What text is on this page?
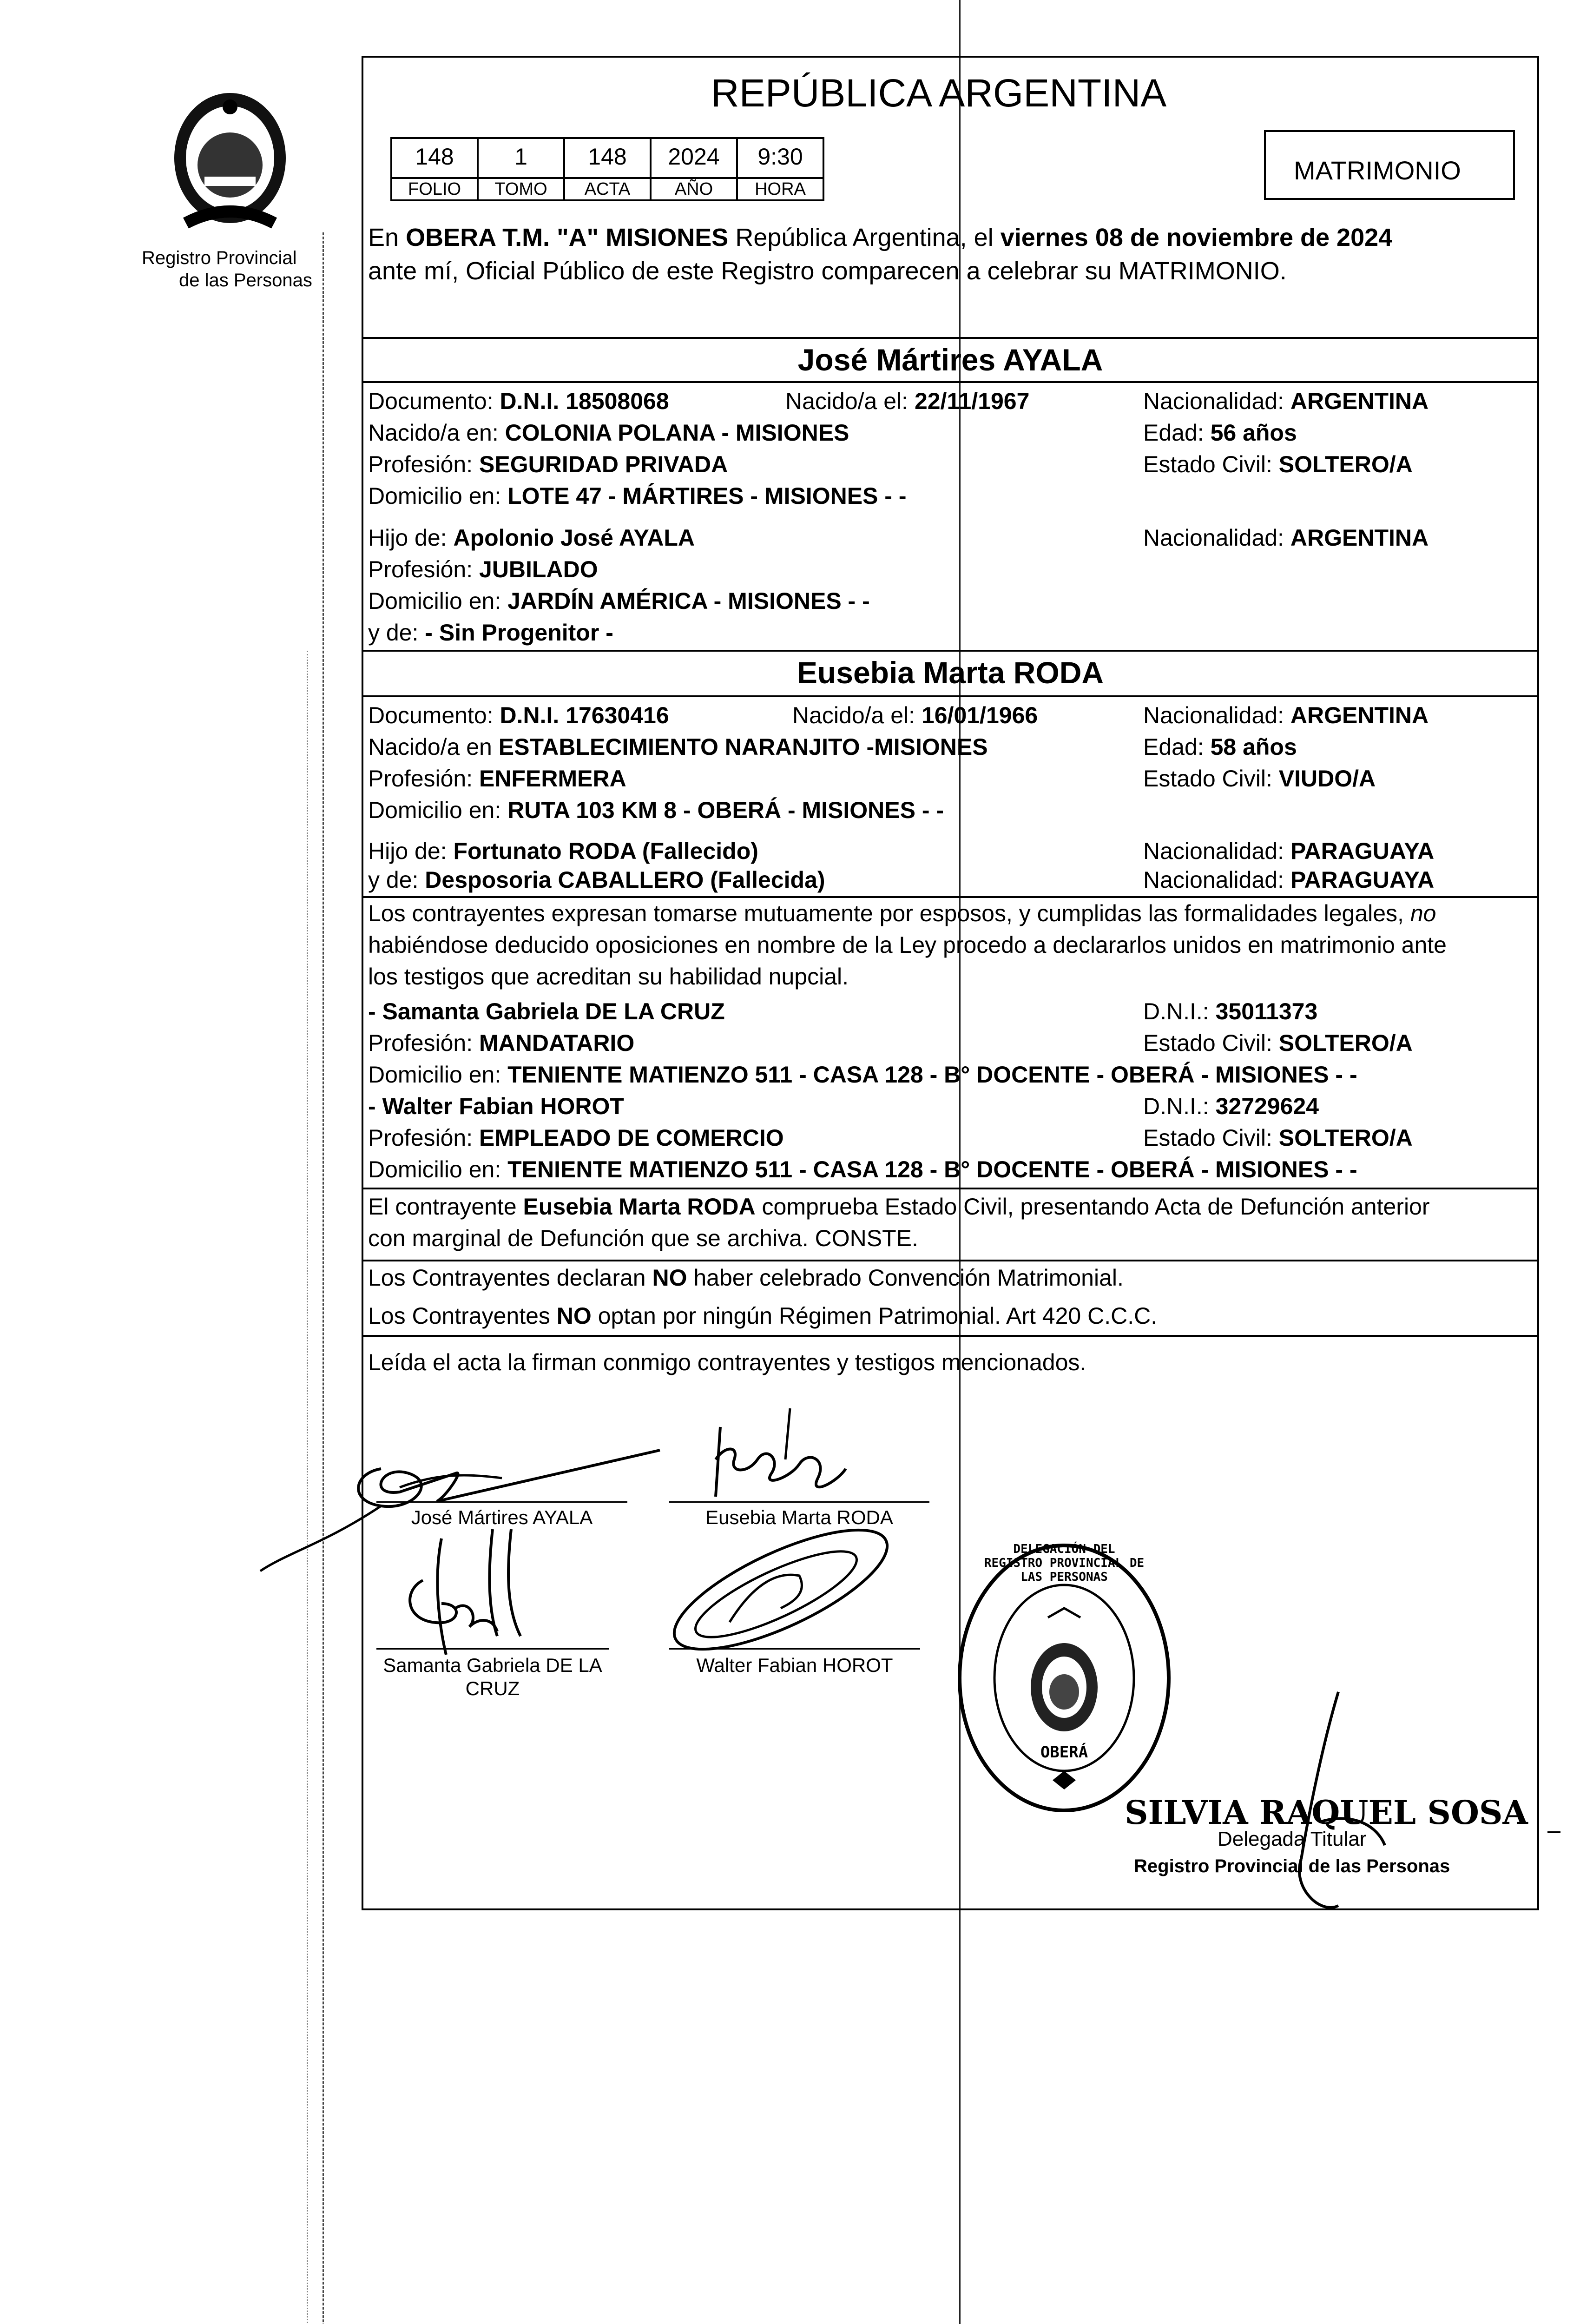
Registro Provincial
de las Personas
REPÚBLICA ARGENTINA
148	1	148	2024	9:30
FOLIO	TOMO	ACTA	AÑO	HORA
MATRIMONIO
En OBERA T.M. "A" MISIONES República Argentina, el viernes 08 de noviembre de 2024
ante mí, Oficial Público de este Registro comparecen a celebrar su MATRIMONIO.
José Mártires AYALA
Documento: D.N.I. 18508068	Nacido/a el: 22/11/1967	Nacionalidad: ARGENTINA
Nacido/a en: COLONIA POLANA - MISIONES	Edad: 56 años
Profesión: SEGURIDAD PRIVADA	Estado Civil: SOLTERO/A
Domicilio en: LOTE 47 - MÁRTIRES - MISIONES - -
Hijo de: Apolonio José AYALA	Nacionalidad: ARGENTINA
Profesión: JUBILADO
Domicilio en: JARDÍN AMÉRICA - MISIONES - -
y de: - Sin Progenitor -
Eusebia Marta RODA
Documento: D.N.I. 17630416	Nacido/a el: 16/01/1966	Nacionalidad: ARGENTINA
Nacido/a en ESTABLECIMIENTO NARANJITO -MISIONES	Edad: 58 años
Profesión: ENFERMERA	Estado Civil: VIUDO/A
Domicilio en: RUTA 103 KM 8 - OBERÁ - MISIONES - -
Hijo de: Fortunato RODA (Fallecido)	Nacionalidad: PARAGUAYA
y de: Desposoria CABALLERO (Fallecida)	Nacionalidad: PARAGUAYA
Los contrayentes expresan tomarse mutuamente por esposos, y cumplidas las formalidades legales, no
habiéndose deducido oposiciones en nombre de la Ley procedo a declararlos unidos en matrimonio ante
los testigos que acreditan su habilidad nupcial.
- Samanta Gabriela DE LA CRUZ	D.N.I.: 35011373
Profesión: MANDATARIO	Estado Civil: SOLTERO/A
Domicilio en: TENIENTE MATIENZO 511 - CASA 128 - B° DOCENTE - OBERÁ - MISIONES - -
- Walter Fabian HOROT	D.N.I.: 32729624
Profesión: EMPLEADO DE COMERCIO	Estado Civil: SOLTERO/A
Domicilio en: TENIENTE MATIENZO 511 - CASA 128 - B° DOCENTE - OBERÁ - MISIONES - -
El contrayente Eusebia Marta RODA comprueba Estado Civil, presentando Acta de Defunción anterior
con marginal de Defunción que se archiva. CONSTE.
Los Contrayentes declaran NO haber celebrado Convención Matrimonial.
Los Contrayentes NO optan por ningún Régimen Patrimonial. Art 420 C.C.C.
Leída el acta la firman conmigo contrayentes y testigos mencionados.
José Mártires AYALA	Eusebia Marta RODA
Samanta Gabriela DE LA
CRUZ
Walter Fabian HOROT
DELEGACIÓN DEL REGISTRO PROVINCIAL DE LAS PERSONAS
OBERÁ
SILVIA RAQUEL SOSA
Delegada Titular
Registro Provincial de las Personas
